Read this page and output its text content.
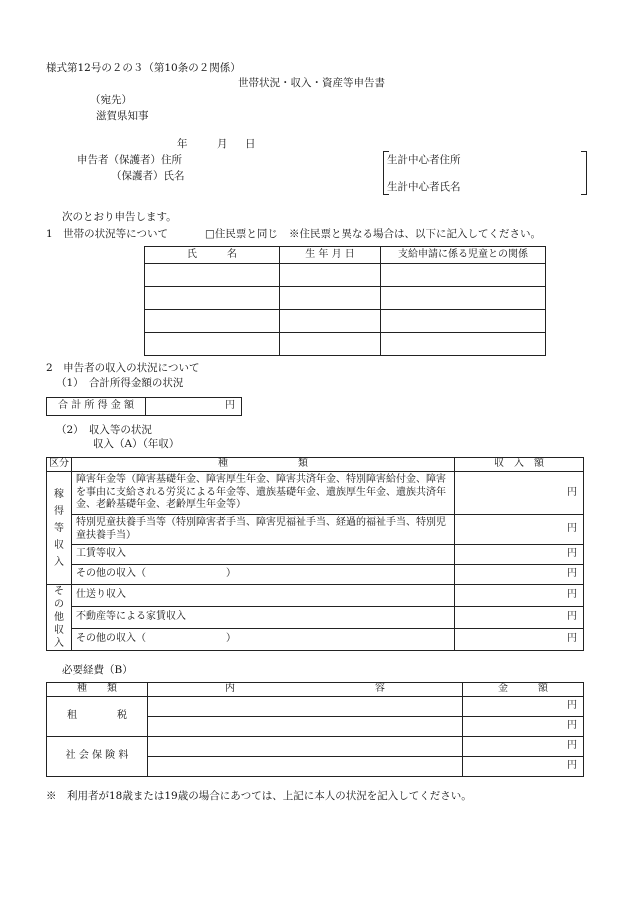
様式第12号の２の３（第10条の２関係）
世帯状況・収入・資産等申告書
（宛先）
滋賀県知事
年	月 日
申告者（保護者）住所
（保護者）氏名
生計中心者住所
生計中心者氏名
次のとおり申告します。
1　世帯の状況等について	□住民票と同じ ※住民票と異なる場合は、以下に記入してください。
氏　　　名	生 年 月 日	支給申請に係る児童との関係

2　申告者の収入の状況について
（1）　合計所得金額の状況
合 計 所 得 金 額	円
（2）　収入等の状況
収入（A）（年収）
区分	種　　　　　　　類	収　入　額

稼得等収入	障害年金等（障害基礎年金、障害厚生年金、障害共済年金、特別障害給付金、障害を事由に支給される労災による年金等、遺族基礎年金、遺族厚生年金、遺族共済年金、老齢基礎年金、老齢厚生年金等）	円
	特別児童扶養手当等（特別障害者手当、障害児福祉手当、経過的福祉手当、特別児童扶養手当）	円
	工賃等収入	円
	その他の収入（　　　　　　　　）	円

その他収入	仕送り収入	円
	不動産等による家賃収入	円
	その他の収入（　　　　　　　　）	円
必要経費（B）
種　　類	内　　　　　　　　　　　　　　容	金　　　額
租　　　　税		円
		円
社 会 保 険 料		円
		円
※　利用者が18歳または19歳の場合にあつては、上記に本人の状況を記入してください。
